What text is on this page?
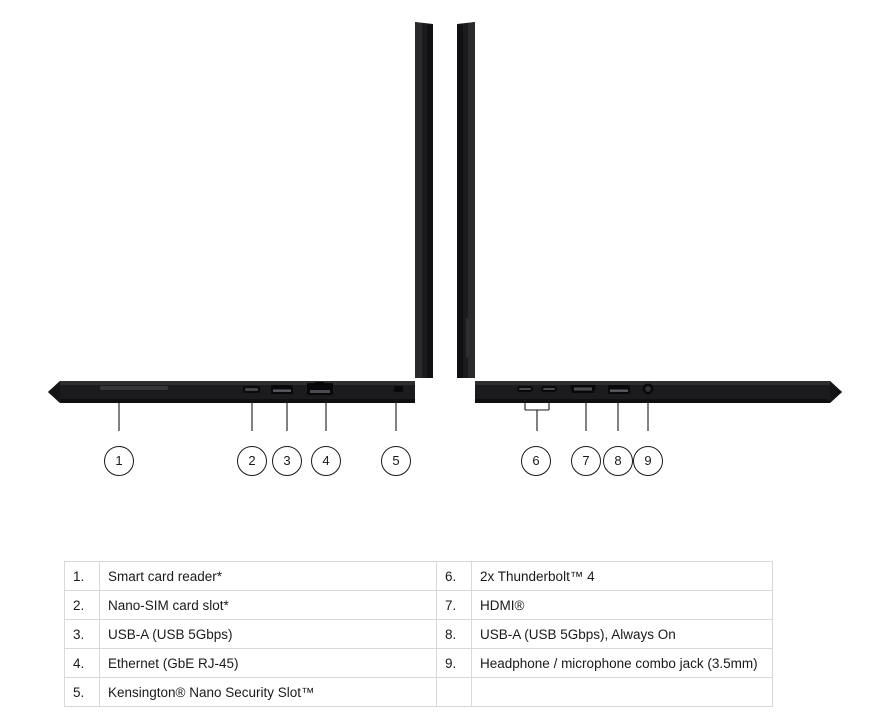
1	2	3	4	5	6	7	8	9
1.	Smart card reader*	6.	2x Thunderbolt™ 4
2.	Nano-SIM card slot*	7.	HDMI®
3.	USB-A (USB 5Gbps)	8.	USB-A (USB 5Gbps), Always On
4.	Ethernet (GbE RJ-45)	9.	Headphone / microphone combo jack (3.5mm)
5.	Kensington® Nano Security Slot™		
